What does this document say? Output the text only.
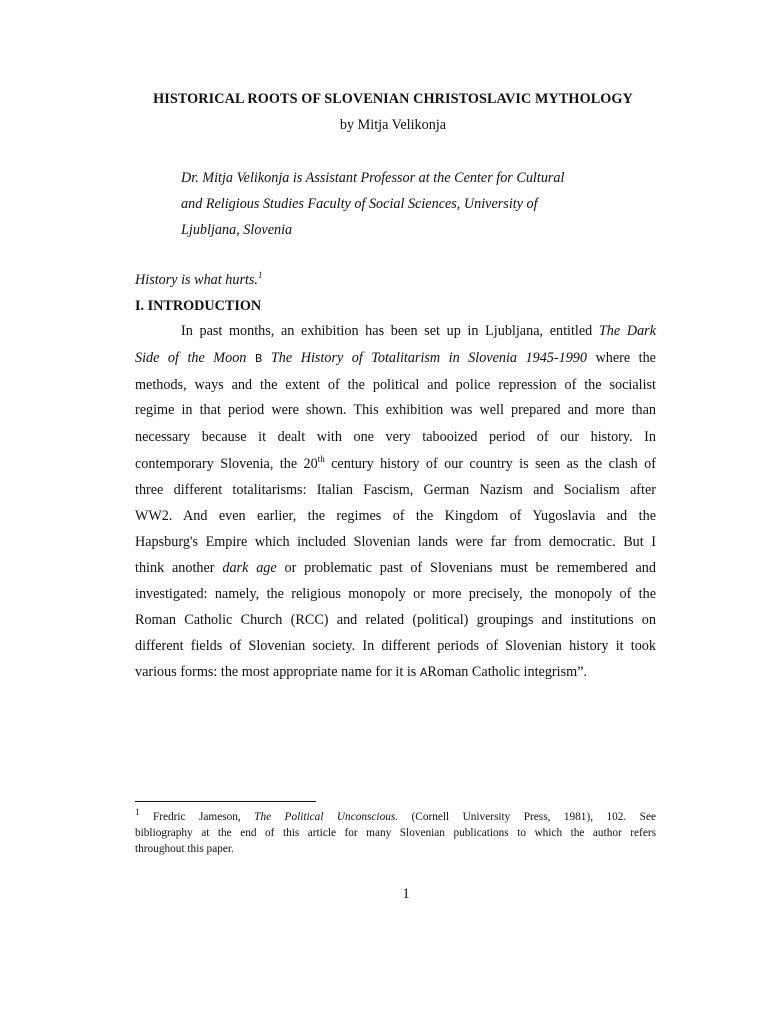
HISTORICAL ROOTS OF SLOVENIAN CHRISTOSLAVIC MYTHOLOGY
by Mitja Velikonja
Dr. Mitja Velikonja is Assistant Professor at the Center for Cultural
and Religious Studies Faculty of Social Sciences, University of
Ljubljana, Slovenia
History is what hurts.$^1$
I. INTRODUCTION
In past months, an exhibition has been set up in Ljubljana, entitled The Dark
Side of the Moon B The History of Totalitarism in Slovenia 1945-1990 where the
methods, ways and the extent of the political and police repression of the socialist
regime in that period were shown. This exhibition was well prepared and more than
necessary because it dealt with one very tabooized period of our history. In
contemporary Slovenia, the 20th century history of our country is seen as the clash of
three different totalitarisms: Italian Fascism, German Nazism and Socialism after
WW2. And even earlier, the regimes of the Kingdom of Yugoslavia and the
Hapsburg's Empire which included Slovenian lands were far from democratic. But I
think another dark age or problematic past of Slovenians must be remembered and
investigated: namely, the religious monopoly or more precisely, the monopoly of the
Roman Catholic Church (RCC) and related (political) groupings and institutions on
different fields of Slovenian society. In different periods of Slovenian history it took
various forms: the most appropriate name for it is ARoman Catholic integrism”.
$^1$ Fredric Jameson, The Political Unconscious. (Cornell University Press, 1981), 102. See
bibliography at the end of this article for many Slovenian publications to which the author refers
throughout this paper.
1
